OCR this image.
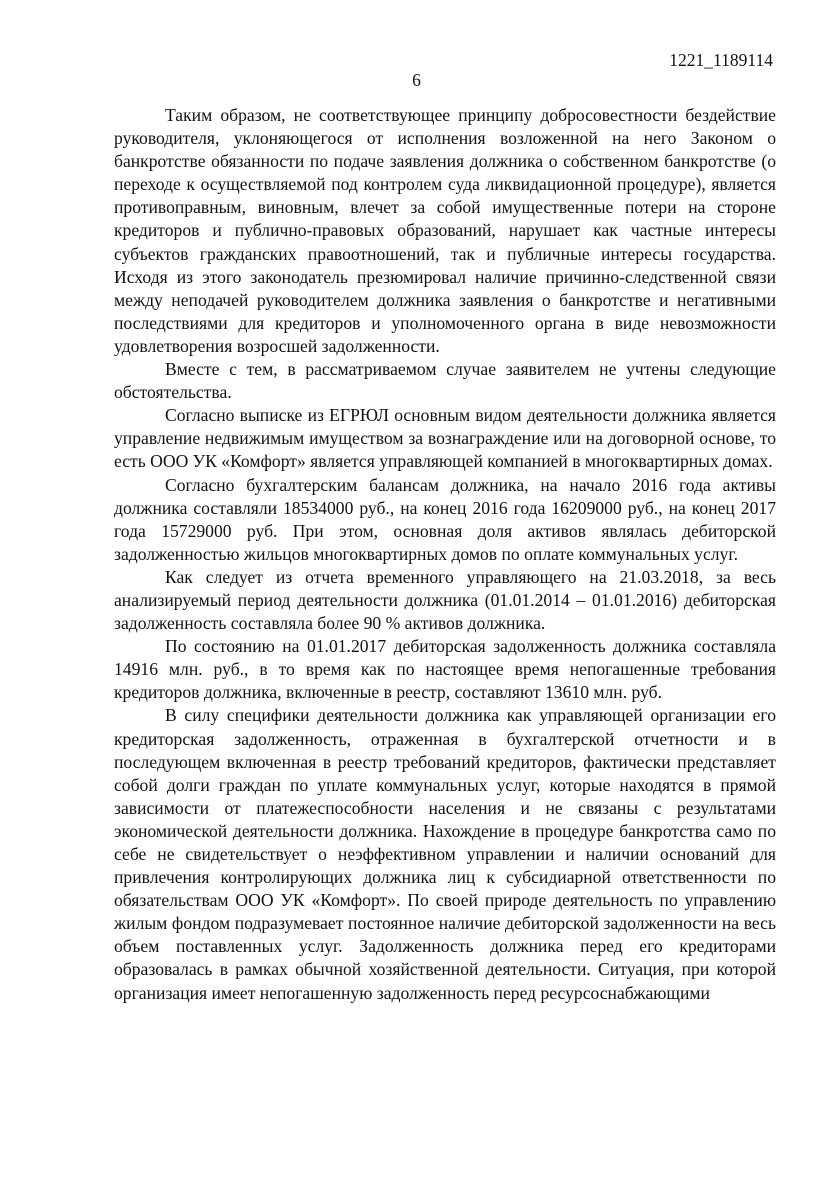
1221_1189114
6

Таким образом, не соответствующее принципу добросовестности бездействие руководителя, уклоняющегося от исполнения возложенной на него Законом о банкротстве обязанности по подаче заявления должника о собственном банкротстве (о переходе к осуществляемой под контролем суда ликвидационной процедуре), является противоправным, виновным, влечет за собой имущественные потери на стороне кредиторов и публично-правовых образований, нарушает как частные интересы субъектов гражданских правоотношений, так и публичные интересы государства. Исходя из этого законодатель презюмировал наличие причинно-следственной связи между неподачей руководителем должника заявления о банкротстве и негативными последствиями для кредиторов и уполномоченного органа в виде невозможности удовлетворения возросшей задолженности.

Вместе с тем, в рассматриваемом случае заявителем не учтены следующие обстоятельства.

Согласно выписке из ЕГРЮЛ основным видом деятельности должника является управление недвижимым имуществом за вознаграждение или на договорной основе, то есть ООО УК «Комфорт» является управляющей компанией в многоквартирных домах.

Согласно бухгалтерским балансам должника, на начало 2016 года активы должника составляли 18534000 руб., на конец 2016 года 16209000 руб., на конец 2017 года 15729000 руб. При этом, основная доля активов являлась дебиторской задолженностью жильцов многоквартирных домов по оплате коммунальных услуг.

Как следует из отчета временного управляющего на 21.03.2018, за весь анализируемый период деятельности должника (01.01.2014 – 01.01.2016) дебиторская задолженность составляла более 90 % активов должника.

По состоянию на 01.01.2017 дебиторская задолженность должника составляла 14916 млн. руб., в то время как по настоящее время непогашенные требования кредиторов должника, включенные в реестр, составляют 13610 млн. руб.

В силу специфики деятельности должника как управляющей организации его кредиторская задолженность, отраженная в бухгалтерской отчетности и в последующем включенная в реестр требований кредиторов, фактически представляет собой долги граждан по уплате коммунальных услуг, которые находятся в прямой зависимости от платежеспособности населения и не связаны с результатами экономической деятельности должника. Нахождение в процедуре банкротства само по себе не свидетельствует о неэффективном управлении и наличии оснований для привлечения контролирующих должника лиц к субсидиарной ответственности по обязательствам ООО УК «Комфорт». По своей природе деятельность по управлению жилым фондом подразумевает постоянное наличие дебиторской задолженности на весь объем поставленных услуг. Задолженность должника перед его кредиторами образовалась в рамках обычной хозяйственной деятельности. Ситуация, при которой организация имеет непогашенную задолженность перед ресурсоснабжающими
